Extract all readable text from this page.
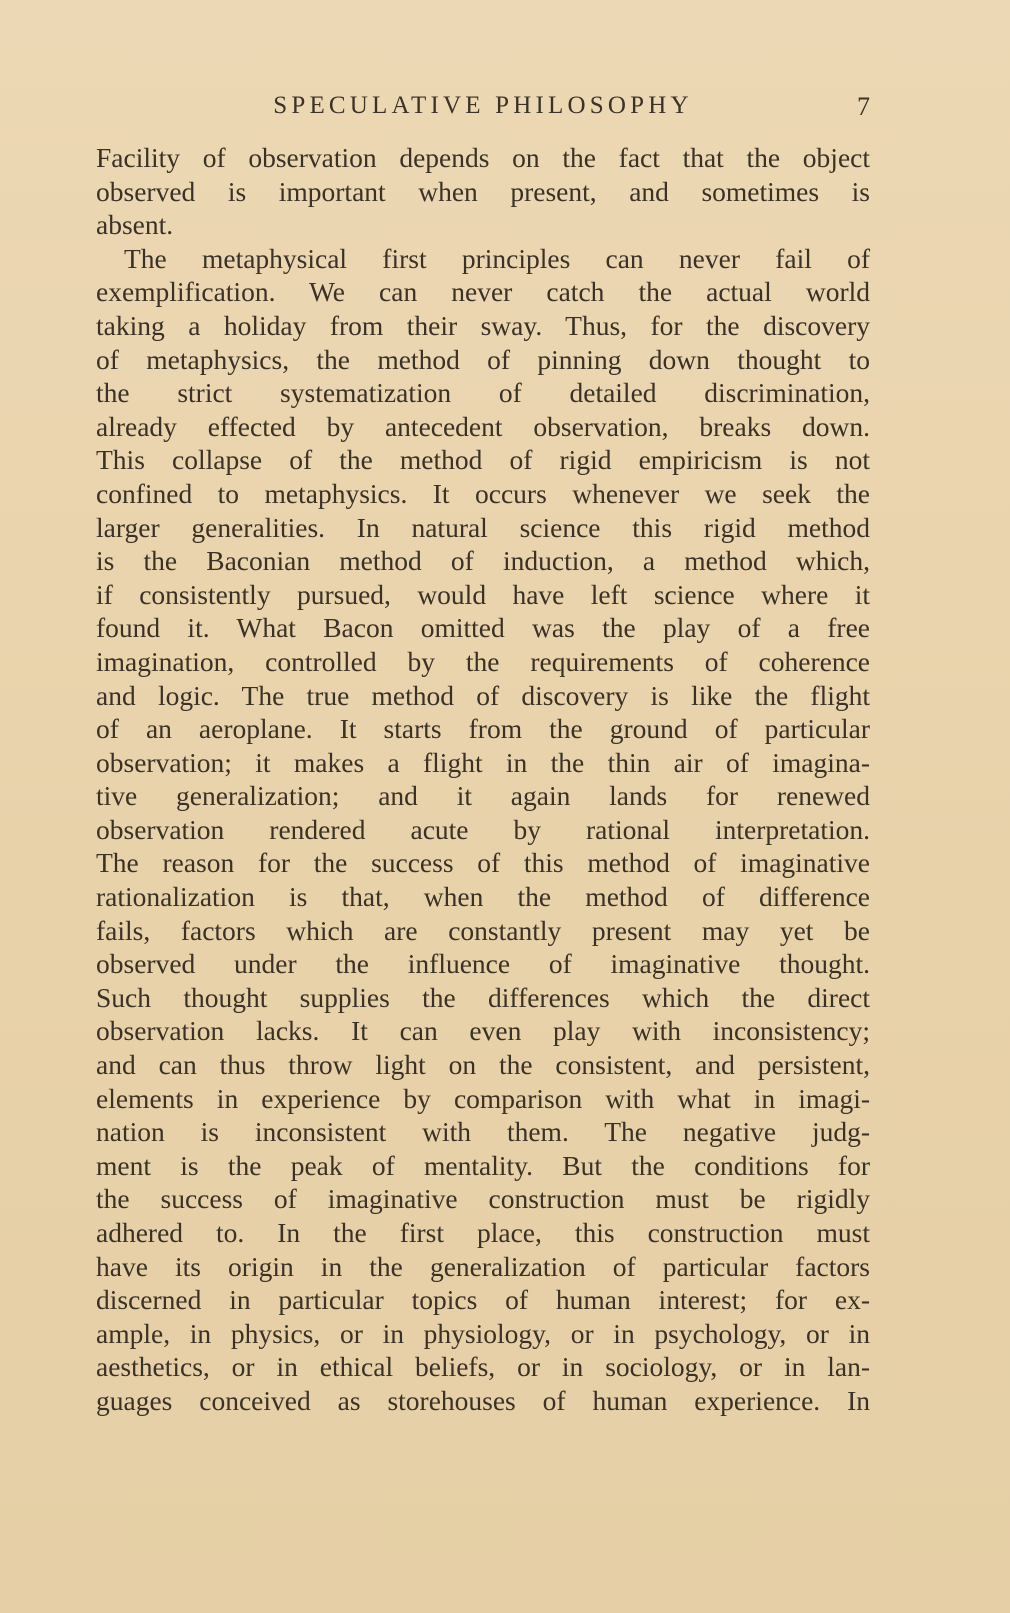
SPECULATIVE PHILOSOPHY	7
Facility of observation depends on the fact that the object
observed is important when present, and sometimes is
absent.
The metaphysical first principles can never fail of
exemplification. We can never catch the actual world
taking a holiday from their sway. Thus, for the discovery
of metaphysics, the method of pinning down thought to
the strict systematization of detailed discrimination,
already effected by antecedent observation, breaks down.
This collapse of the method of rigid empiricism is not
confined to metaphysics. It occurs whenever we seek the
larger generalities. In natural science this rigid method
is the Baconian method of induction, a method which,
if consistently pursued, would have left science where it
found it. What Bacon omitted was the play of a free
imagination, controlled by the requirements of coherence
and logic. The true method of discovery is like the flight
of an aeroplane. It starts from the ground of particular
observation; it makes a flight in the thin air of imagina-
tive generalization; and it again lands for renewed
observation rendered acute by rational interpretation.
The reason for the success of this method of imaginative
rationalization is that, when the method of difference
fails, factors which are constantly present may yet be
observed under the influence of imaginative thought.
Such thought supplies the differences which the direct
observation lacks. It can even play with inconsistency;
and can thus throw light on the consistent, and persistent,
elements in experience by comparison with what in imagi-
nation is inconsistent with them. The negative judg-
ment is the peak of mentality. But the conditions for
the success of imaginative construction must be rigidly
adhered to. In the first place, this construction must
have its origin in the generalization of particular factors
discerned in particular topics of human interest; for ex-
ample, in physics, or in physiology, or in psychology, or in
aesthetics, or in ethical beliefs, or in sociology, or in lan-
guages conceived as storehouses of human experience. In
